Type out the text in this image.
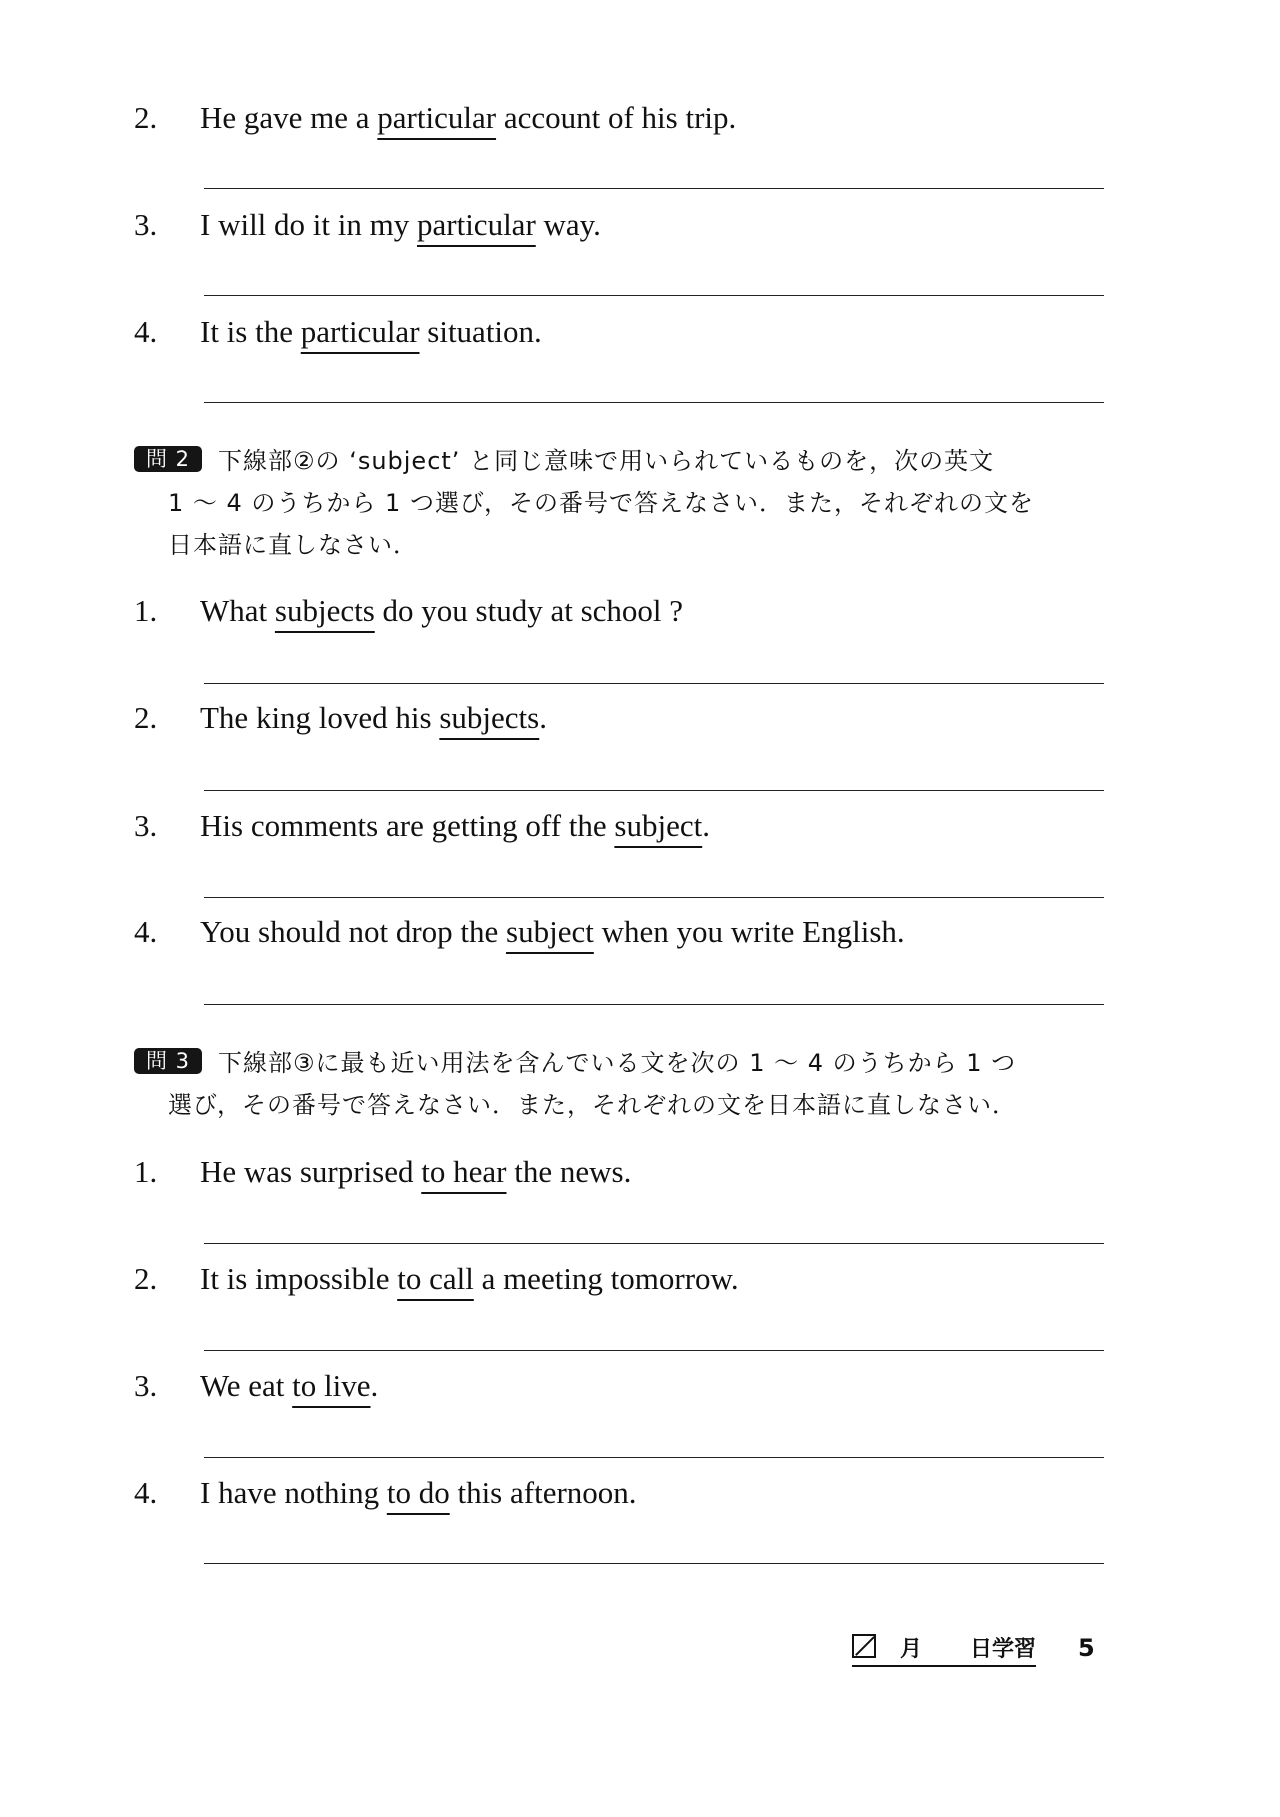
2. He gave me a particular account of his trip.
3. I will do it in my particular way.
4. It is the particular situation.
問 2 下線部②の ‘subject’ と同じ意味で用いられているものを，次の英文
1 ～ 4 のうちから 1 つ選び，その番号で答えなさい．また，それぞれの文を
日本語に直しなさい．
1. What subjects do you study at school ?
2. The king loved his subjects.
3. His comments are getting off the subject.
4. You should not drop the subject when you write English.
問 3 下線部③に最も近い用法を含んでいる文を次の 1 ～ 4 のうちから 1 つ
選び，その番号で答えなさい．また，それぞれの文を日本語に直しなさい．
1. He was surprised to hear the news.
2. It is impossible to call a meeting tomorrow.
3. We eat to live.
4. I have nothing to do this afternoon.
月 日学習 5
